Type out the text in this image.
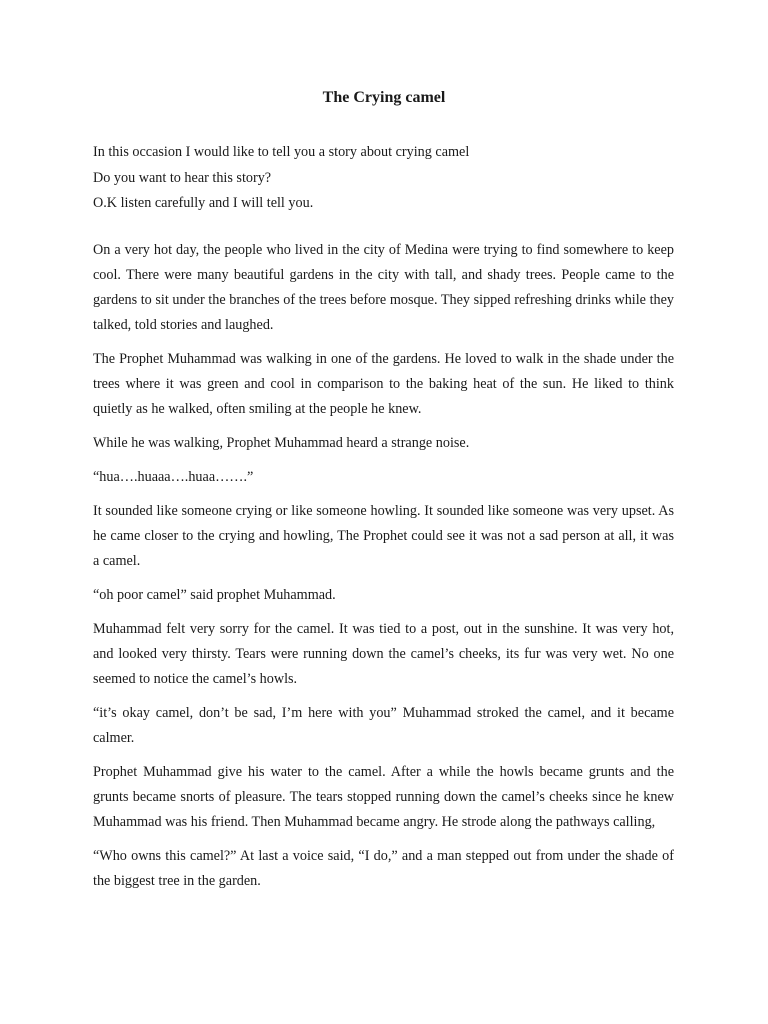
The Crying camel

In this occasion I would like to tell you a story about crying camel

Do you want to hear this story?

O.K listen carefully and I will tell you.

On a very hot day, the people who lived in the city of Medina were trying to find somewhere to keep cool. There were many beautiful gardens in the city with tall, and shady trees. People came to the gardens to sit under the branches of the trees before mosque. They sipped refreshing drinks while they talked, told stories and laughed.

The Prophet Muhammad was walking in one of the gardens. He loved to walk in the shade under the trees where it was green and cool in comparison to the baking heat of the sun. He liked to think quietly as he walked, often smiling at the people he knew.

While he was walking, Prophet Muhammad heard a strange noise.

“hua….huaaa….huaa…….”

It sounded like someone crying or like someone howling. It sounded like someone was very upset. As he came closer to the crying and howling, The Prophet could see it was not a sad person at all, it was a camel.

“oh poor camel” said prophet Muhammad.

Muhammad felt very sorry for the camel. It was tied to a post, out in the sunshine. It was very hot, and looked very thirsty. Tears were running down the camel’s cheeks, its fur was very wet. No one seemed to notice the camel’s howls.

“it’s okay camel, don’t be sad, I’m here with you” Muhammad stroked the camel, and it became calmer.

Prophet Muhammad give his water to the camel. After a while the howls became grunts and the grunts became snorts of pleasure. The tears stopped running down the camel’s cheeks since he knew Muhammad was his friend. Then Muhammad became angry. He strode along the pathways calling,

“Who owns this camel?” At last a voice said, “I do,” and a man stepped out from under the shade of the biggest tree in the garden.
